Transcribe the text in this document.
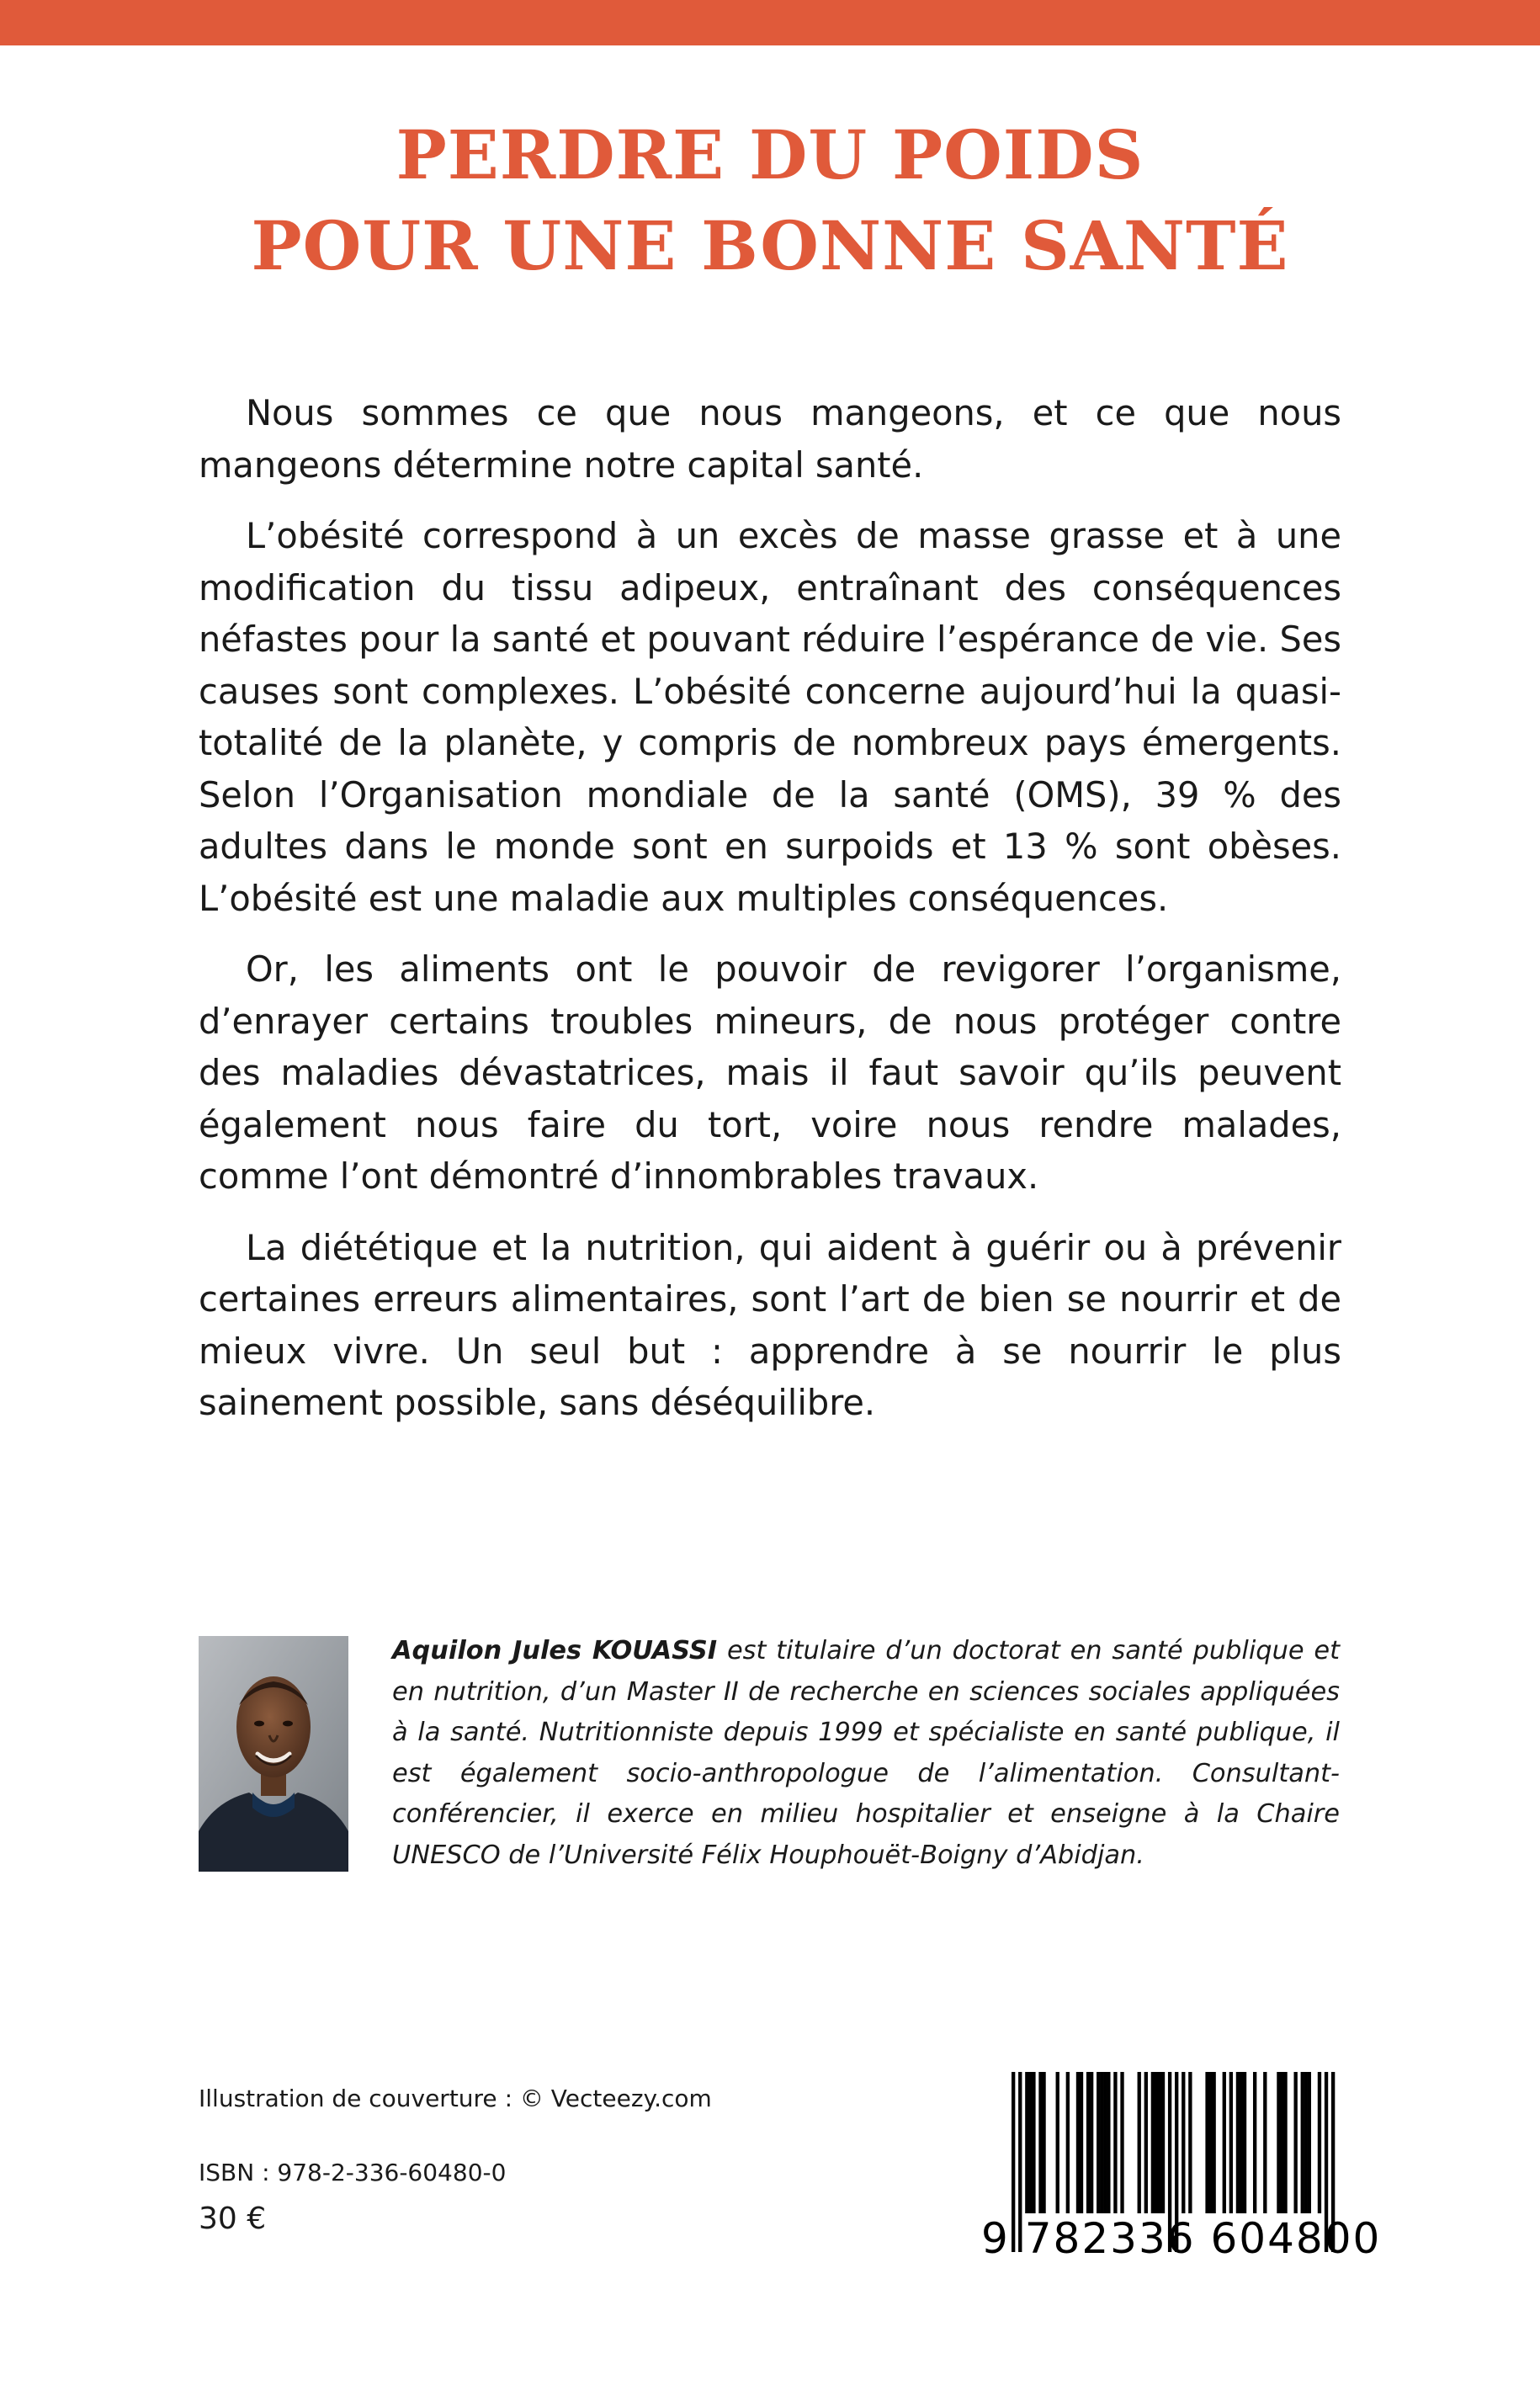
PERDRE DU POIDS
POUR UNE BONNE SANTÉ

Nous sommes ce que nous mangeons, et ce que nous mangeons détermine notre capital santé.

L’obésité correspond à un excès de masse grasse et à une modification du tissu adipeux, entraînant des conséquences néfastes pour la santé et pouvant réduire l’espérance de vie. Ses causes sont complexes. L’obésité concerne aujourd’hui la quasi-totalité de la planète, y compris de nombreux pays émergents. Selon l’Organisation mondiale de la santé (OMS), 39 % des adultes dans le monde sont en surpoids et 13 % sont obèses. L’obésité est une maladie aux multiples conséquences.

Or, les aliments ont le pouvoir de revigorer l’organisme, d’enrayer certains troubles mineurs, de nous protéger contre des maladies dévastatrices, mais il faut savoir qu’ils peuvent également nous faire du tort, voire nous rendre malades, comme l’ont démontré d’innombrables travaux.

La diététique et la nutrition, qui aident à guérir ou à prévenir certaines erreurs alimentaires, sont l’art de bien se nourrir et de mieux vivre. Un seul but : apprendre à se nourrir le plus sainement possible, sans déséquilibre.

Aquilon Jules KOUASSI est titulaire d’un doctorat en santé publique et en nutrition, d’un Master II de recherche en sciences sociales appliquées à la santé. Nutritionniste depuis 1999 et spécialiste en santé publique, il est également socio-anthropologue de l’alimentation. Consultant-conférencier, il exerce en milieu hospitalier et enseigne à la Chaire UNESCO de l’Université Félix Houphouët-Boigny d’Abidjan.
Illustration de couverture : © Vecteezy.com
ISBN : 978-2-336-60480-0
30 €	9 782336 604800
